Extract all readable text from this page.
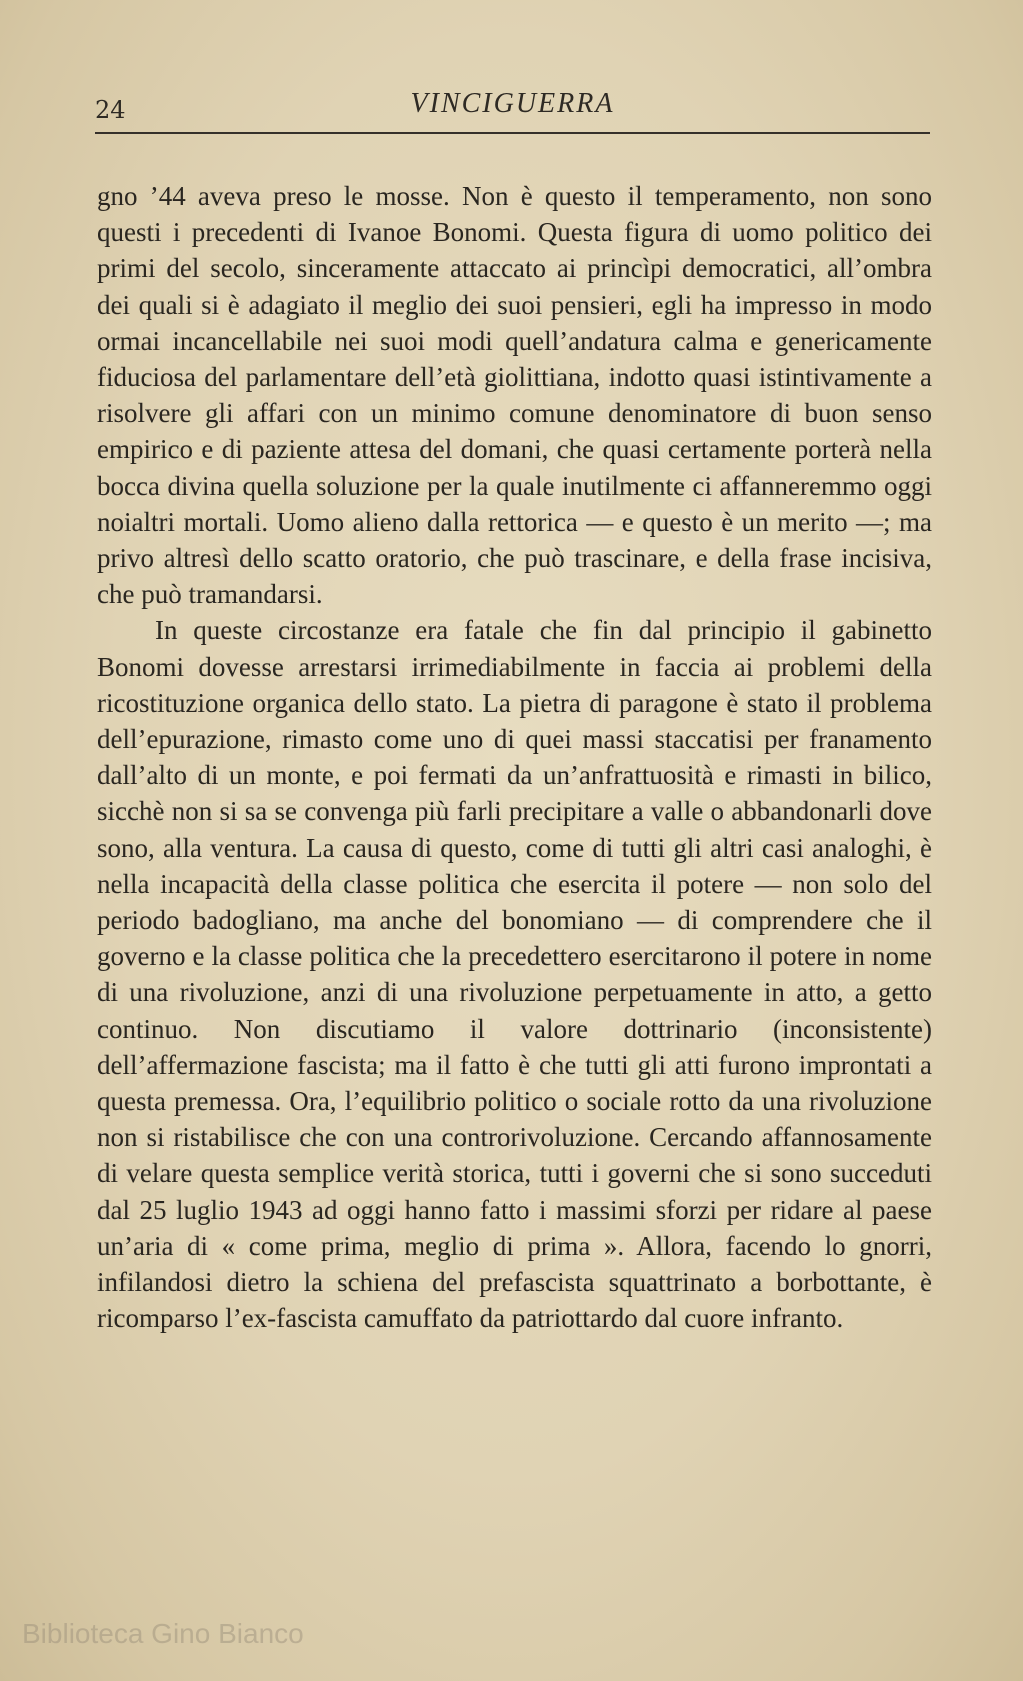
24	VINCIGUERRA

gno ’44 aveva preso le mosse. Non è questo il temperamento, non sono questi i precedenti di Ivanoe Bonomi. Questa figura di uomo politico dei primi del secolo, sinceramente attaccato ai princìpi democratici, all’ombra dei quali si è adagiato il meglio dei suoi pensieri, egli ha impresso in modo ormai incancellabile nei suoi modi quell’andatura calma e genericamente fiduciosa del parlamentare dell’età giolittiana, indotto quasi istintivamente a risolvere gli affari con un minimo comune denominatore di buon senso empirico e di paziente attesa del domani, che quasi certamente porterà nella bocca divina quella soluzione per la quale inutilmente ci affanneremmo oggi noialtri mortali. Uomo alieno dalla rettorica — e questo è un merito —; ma privo altresì dello scatto oratorio, che può trascinare, e della frase incisiva, che può tramandarsi.

In queste circostanze era fatale che fin dal principio il gabinetto Bonomi dovesse arrestarsi irrimediabilmente in faccia ai problemi della ricostituzione organica dello stato. La pietra di paragone è stato il problema dell’epurazione, rimasto come uno di quei massi staccatisi per franamento dall’alto di un monte, e poi fermati da un’anfrattuosità e rimasti in bilico, sicchè non si sa se convenga più farli precipitare a valle o abbandonarli dove sono, alla ventura. La causa di questo, come di tutti gli altri casi analoghi, è nella incapacità della classe politica che esercita il potere — non solo del periodo badogliano, ma anche del bonomiano — di comprendere che il governo e la classe politica che la precedettero esercitarono il potere in nome di una rivoluzione, anzi di una rivoluzione perpetuamente in atto, a getto continuo. Non discutiamo il valore dottrinario (inconsistente) dell’affermazione fascista; ma il fatto è che tutti gli atti furono improntati a questa premessa. Ora, l’equilibrio politico o sociale rotto da una rivoluzione non si ristabilisce che con una controrivoluzione. Cercando affannosamente di velare questa semplice verità storica, tutti i governi che si sono succeduti dal 25 luglio 1943 ad oggi hanno fatto i massimi sforzi per ridare al paese un’aria di « come prima, meglio di prima ». Allora, facendo lo gnorri, infilandosi dietro la schiena del prefascista squattrinato a borbottante, è ricomparso l’ex-fascista camuffato da patriottardo dal cuore infranto.

Biblioteca Gino Bianco
